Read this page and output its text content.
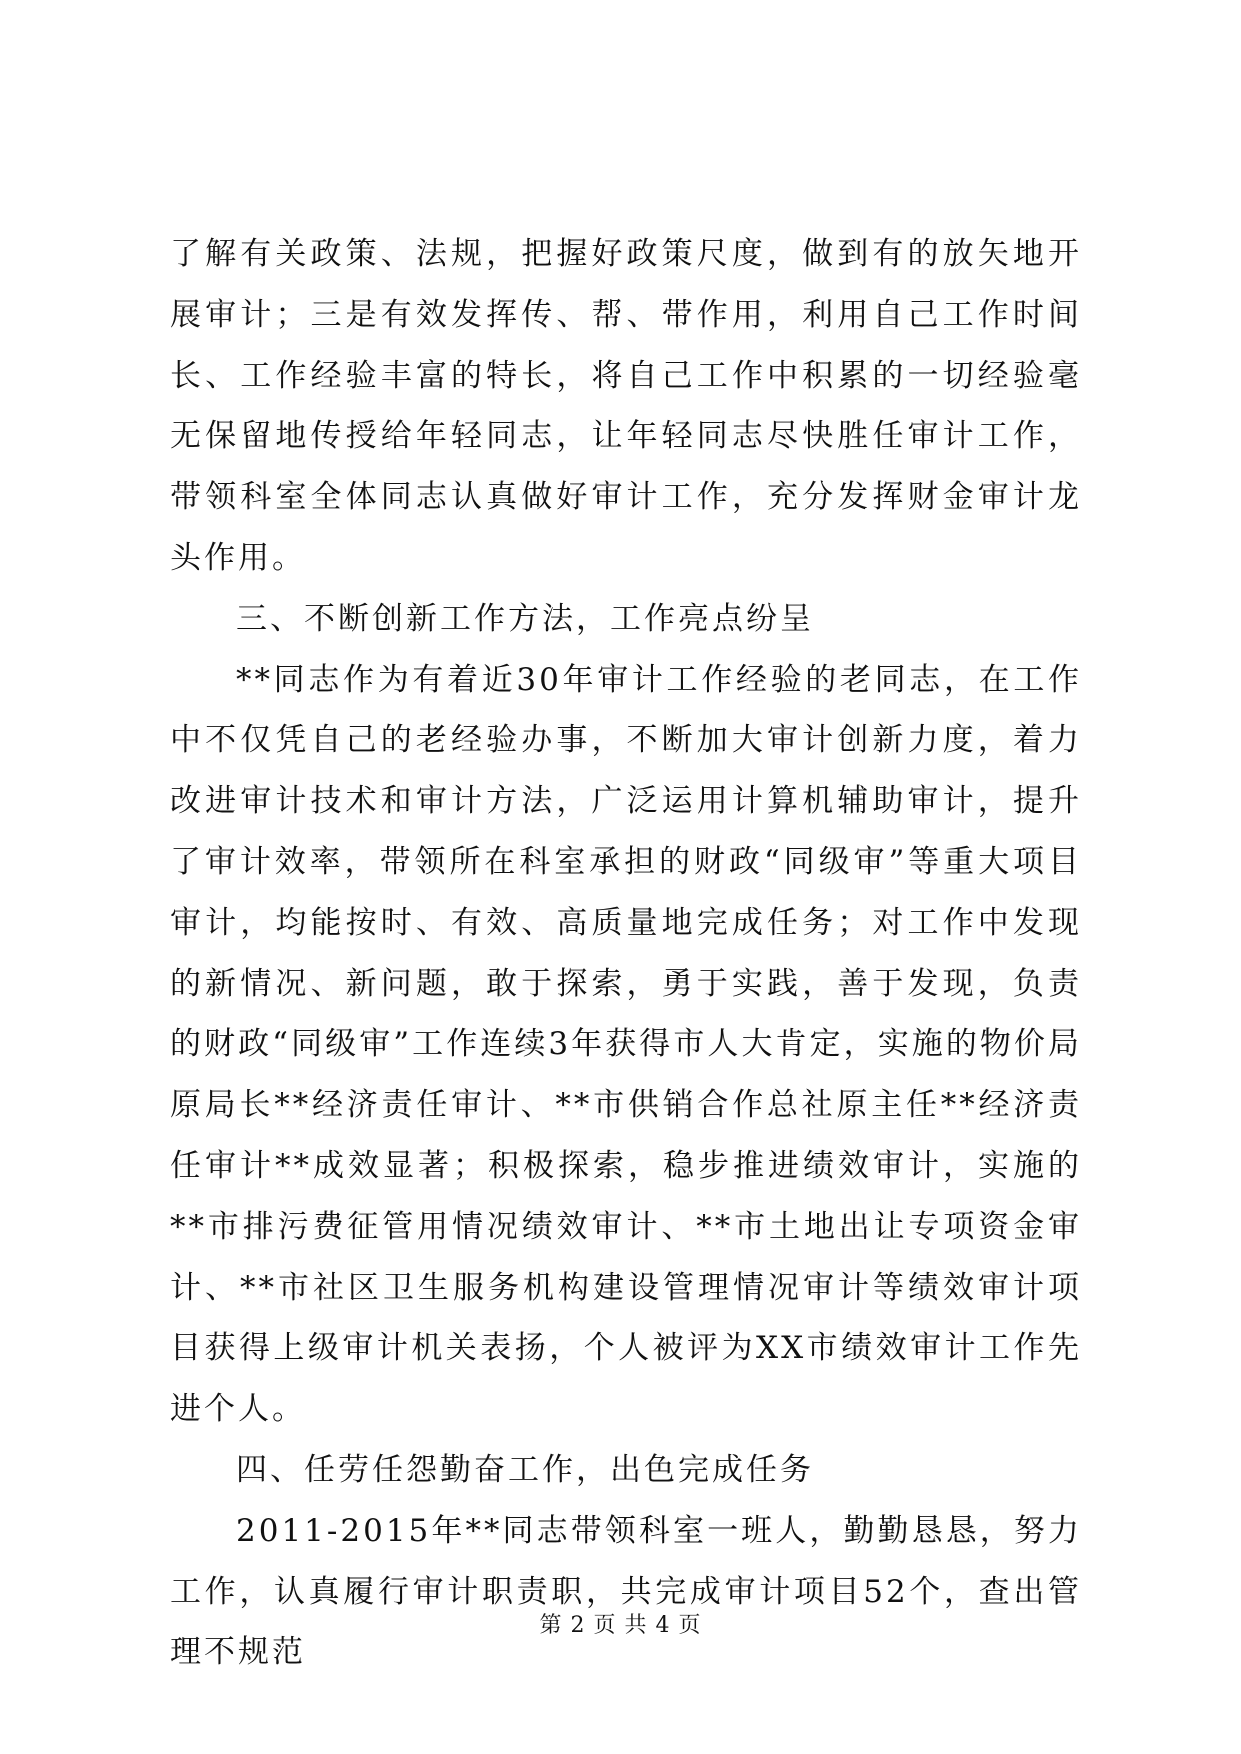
了解有关政策、法规，把握好政策尺度，做到有的放矢地开展审计；三是有效发挥传、帮、带作用，利用自己工作时间长、工作经验丰富的特长，将自己工作中积累的一切经验毫无保留地传授给年轻同志，让年轻同志尽快胜任审计工作，带领科室全体同志认真做好审计工作，充分发挥财金审计龙头作用。

三、不断创新工作方法，工作亮点纷呈

**同志作为有着近30年审计工作经验的老同志，在工作中不仅凭自己的老经验办事，不断加大审计创新力度，着力改进审计技术和审计方法，广泛运用计算机辅助审计，提升了审计效率，带领所在科室承担的财政“同级审”等重大项目审计，均能按时、有效、高质量地完成任务；对工作中发现的新情况、新问题，敢于探索，勇于实践，善于发现，负责的财政“同级审”工作连续3年获得市人大肯定，实施的物价局原局长**经济责任审计、**市供销合作总社原主任**经济责任审计**成效显著；积极探索，稳步推进绩效审计，实施的**市排污费征管用情况绩效审计、**市土地出让专项资金审计、**市社区卫生服务机构建设管理情况审计等绩效审计项目获得上级审计机关表扬，个人被评为XX市绩效审计工作先进个人。

四、任劳任怨勤奋工作，出色完成任务

2011-2015年**同志带领科室一班人，勤勤恳恳，努力工作，认真履行审计职责职，共完成审计项目52个，查出管理不规范

第 2 页 共 4 页
